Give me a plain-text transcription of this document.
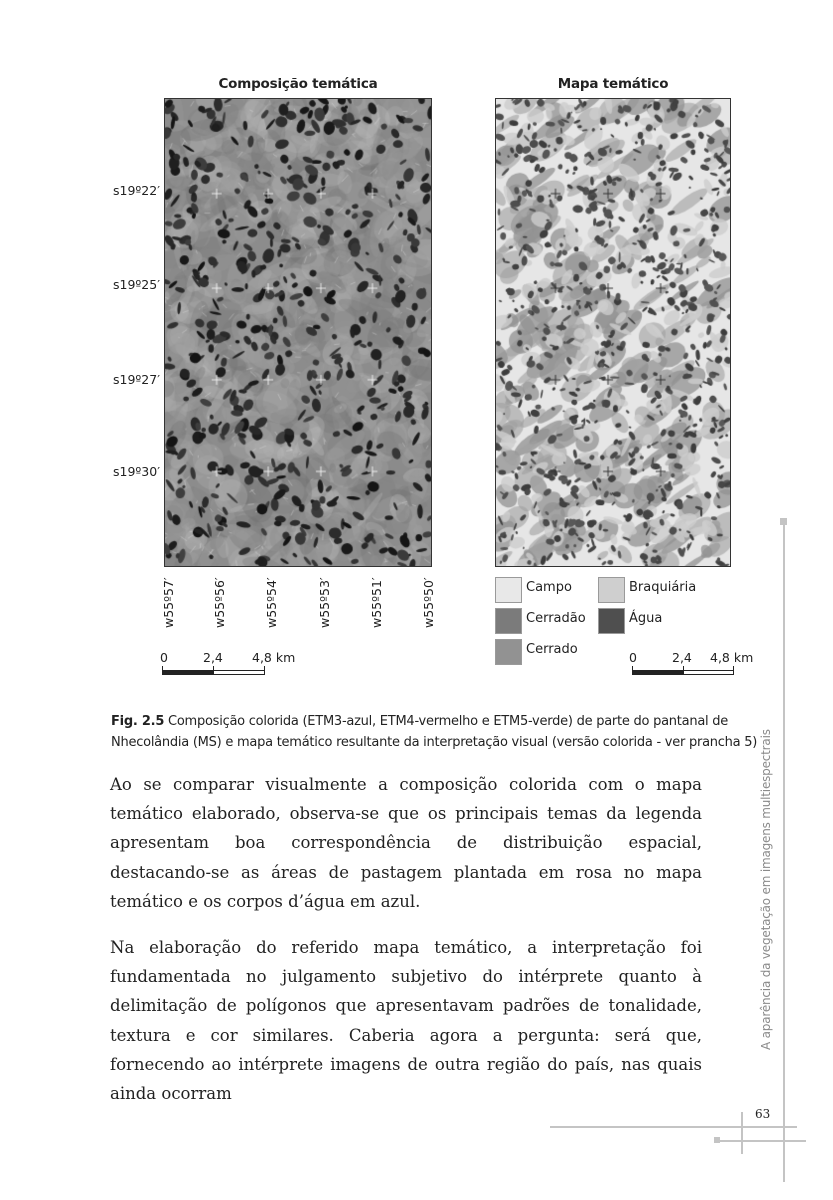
Composição temática	Mapa temático
s19º22′
s19º25′
s19º27′
s19º30′
w55º57′	w55º56′	w55º54′	w55º53′	w55º51′	w55º50′
0	2,4 4,8 km
Campo
Cerradão
Cerrado
Braquiária
Água
0	2,4 4,8 km
Fig. 2.5 Composição colorida (ETM3-azul, ETM4-vermelho e ETM5-verde) de parte do pantanal de Nhecolândia (MS) e mapa temático resultante da interpretação visual (versão colorida - ver prancha 5)

Ao se comparar visualmente a composição colorida com o mapa temático elaborado, observa-se que os principais temas da legenda apresentam boa correspondência de distribuição espacial, destacando-se as áreas de pastagem plantada em rosa no mapa temático e os corpos d’água em azul.

Na elaboração do referido mapa temático, a interpretação foi fundamentada no julgamento subjetivo do intérprete quanto à delimitação de polígonos que apresentavam padrões de tonalidade, textura e cor similares. Caberia agora a pergunta: será que, fornecendo ao intérprete imagens de outra região do país, nas quais ainda ocorram

A aparência da vegetação em imagens multiespectrais
63
